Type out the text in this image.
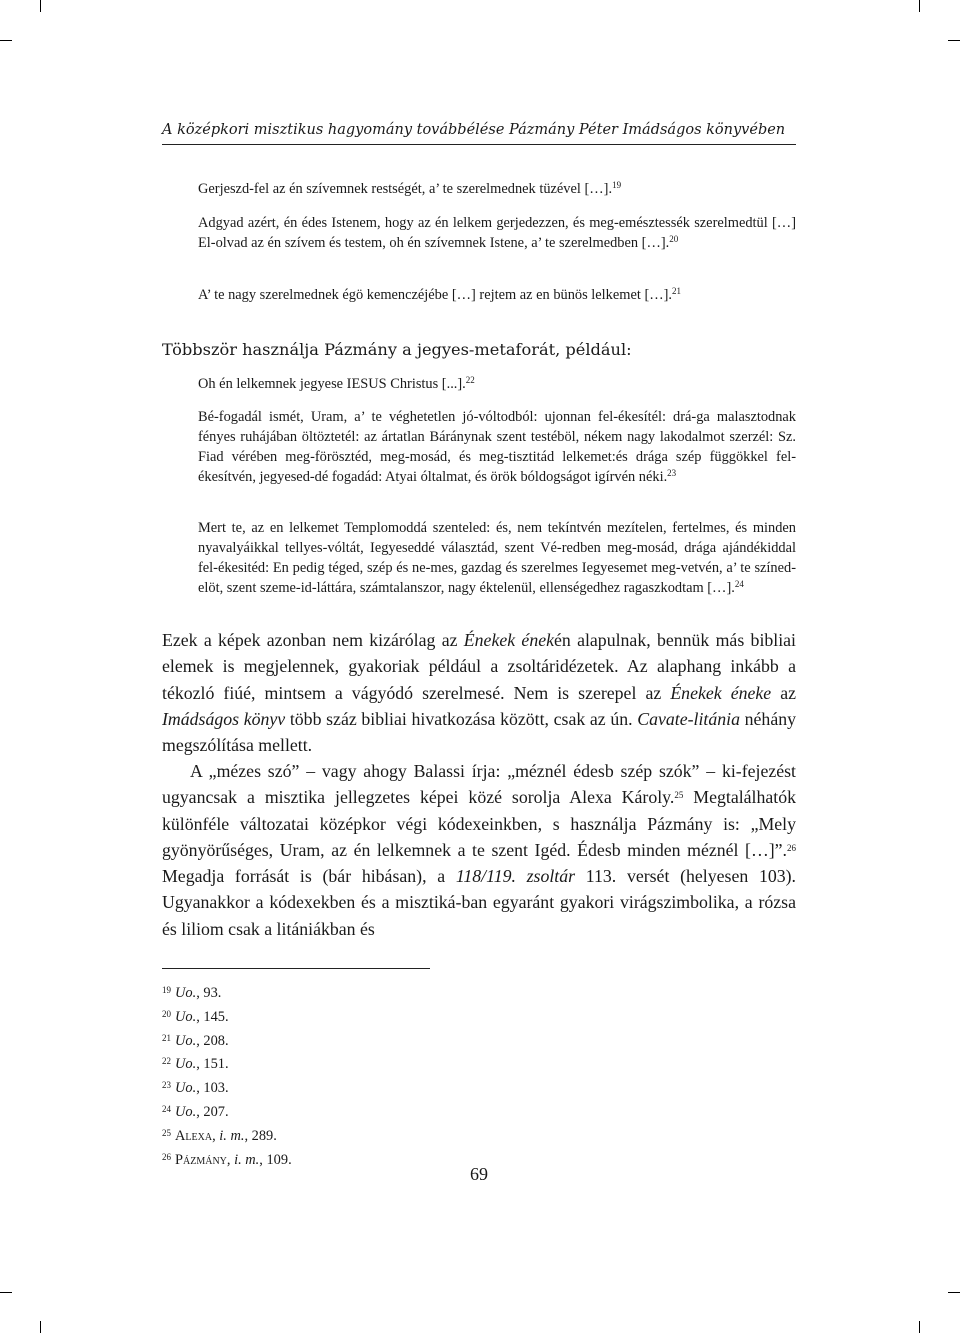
A középkori misztikus hagyomány továbbélése Pázmány Péter Imádságos könyvében
Gerjeszd-fel az én szívemnek restségét, a’ te szerelmednek tüzével […].$^{19}$
Adgyad azért, én édes Istenem, hogy az én lelkem gerjedezzen, és meg-emésztessék szerelmedtül […] El-olvad az én szívem és testem, oh én szívemnek Istene, a’ te szerelmedben […].$^{20}$
A’ te nagy szerelmednek égö kemenczéjébe […] rejtem az en bünös lelkemet […].$^{21}$
Többször használja Pázmány a jegyes-metaforát, például:
Oh én lelkemnek jegyese IESUS Christus [...].$^{22}$
Bé-fogadál ismét, Uram, a’ te véghetetlen jó-vóltodból: ujonnan fel-ékesítél: drá-ga malasztodnak fényes ruhájában öltöztetél: az ártatlan Báránynak szent testéböl, nékem nagy lakodalmot szerzél: Sz. Fiad vérében meg-förösztéd, meg-mosád, és meg-tisztitád lelkemet:és drága szép függökkel fel-ékesítvén, jegyesed-dé fogadád: Atyai óltalmat, és örök bóldogságot igírvén néki.$^{23}$
Mert te, az en lelkemet Templomoddá szenteled: és, nem tekíntvén mezítelen, fertelmes, és minden nyavalyáikkal tellyes-vóltát, Iegyeseddé választád, szent Vé-redben meg-mosád, drága ajándékiddal fel-ékesitéd: En pedig téged, szép és ne-mes, gazdag és szerelmes Iegyesemet meg-vetvén, a’ te színed-elöt, szent szeme-id-láttára, számtalanszor, nagy éktelenül, ellenségedhez ragaszkodtam […].$^{24}$
Ezek a képek azonban nem kizárólag az Énekek énekén alapulnak, bennük más bibliai elemek is megjelennek, gyakoriak például a zsoltáridézetek. Az alaphang inkább a tékozló fiúé, mintsem a vágyódó szerelmesé. Nem is szerepel az Énekek éneke az Imádságos könyv több száz bibliai hivatkozása között, csak az ún. Cavate-litánia néhány megszólítása mellett.
A „mézes szó” – vagy ahogy Balassi írja: „méznél édesb szép szók” – ki-fejezést ugyancsak a misztika jellegzetes képei közé sorolja Alexa Károly.$^{25}$ Megtalálhatók különféle változatai középkor végi kódexeinkben, s használja Pázmány is: „Mely gyönyörűséges, Uram, az én lelkemnek a te szent Igéd. Édesb minden méznél […]”.$^{26}$ Megadja forrását is (bár hibásan), a 118/119. zsoltár 113. versét (helyesen 103). Ugyanakkor a kódexekben és a misztiká-ban egyaránt gyakori virágszimbolika, a rózsa és liliom csak a litániákban és
$^{19}$ Uo., 93.
$^{20}$ Uo., 145.
$^{21}$ Uo., 208.
$^{22}$ Uo., 151.
$^{23}$ Uo., 103.
$^{24}$ Uo., 207.
$^{25}$ Alexa, i. m., 289.
$^{26}$ Pázmány, i. m., 109.
69
